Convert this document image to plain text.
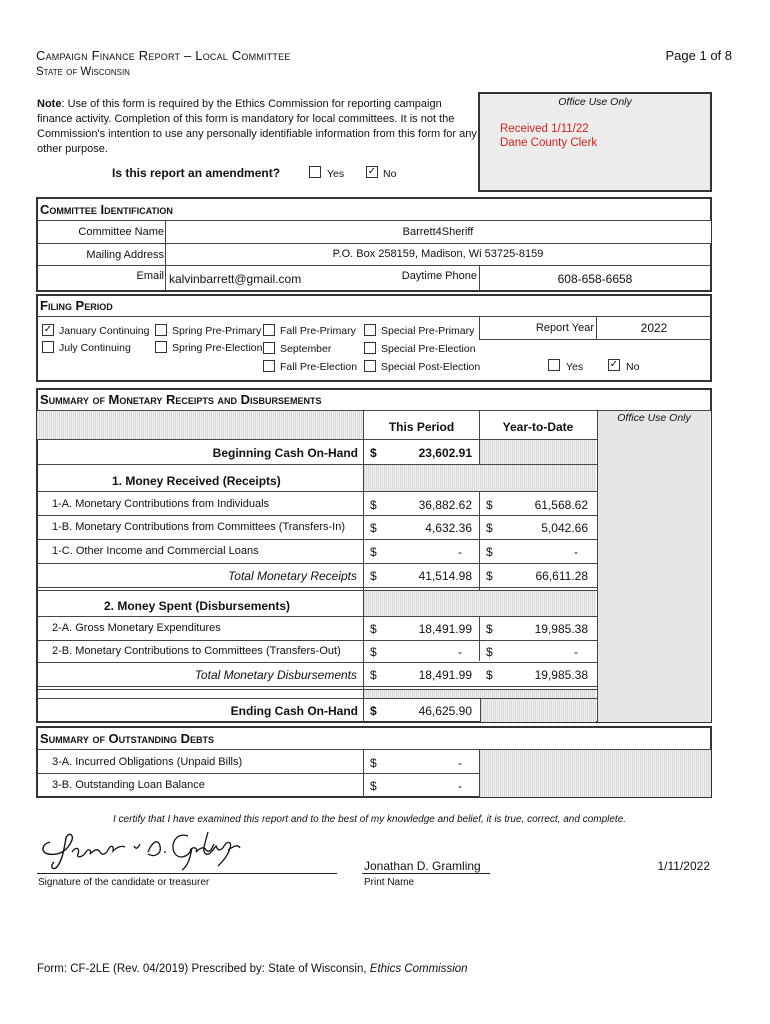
Campaign Finance Report – Local Committee
State of Wisconsin
Page 1 of 8
Note: Use of this form is required by the Ethics Commission for reporting campaign finance activity. Completion of this form is mandatory for local committees. It is not the Commission's intention to use any personally identifiable information from this form for any other purpose.
Office Use Only
Received 1/11/22
Dane County Clerk
Is this report an amendment?	Yes ✓ No
Committee Identification
Committee Name	Barrett4Sheriff
Mailing Address	P.O. Box 258159, Madison, Wi 53725-8159
Email kalvinbarrett@gmail.com	Daytime Phone	608-658-6658
Filing Period
✓ January Continuing
July Continuing
Spring Pre-Primary
Spring Pre-Election
Fall Pre-Primary
September
Fall Pre-Election
Special Pre-Primary
Special Pre-Election
Special Post-Election
Report Year	2022
Yes	✓ No
Summary of Monetary Receipts and Disbursements
Office Use Only
This Period	Year-to-Date
Beginning Cash On-Hand $	23,602.91
1. Money Received (Receipts)
1-A. Monetary Contributions from Individuals	$	36,882.62 $	61,568.62
1-B. Monetary Contributions from Committees (Transfers-In) $	4,632.36 $	5,042.66
1-C. Other Income and Commercial Loans	$	- $	-
Total Monetary Receipts $	41,514.98 $	66,611.28
2. Money Spent (Disbursements)
2-A. Gross Monetary Expenditures	$	18,491.99 $	19,985.38
2-B. Monetary Contributions to Committees (Transfers-Out) $	- $	-
Total Monetary Disbursements $	18,491.99 $	19,985.38
Ending Cash On-Hand $	46,625.90
Summary of Outstanding Debts
3-A. Incurred Obligations (Unpaid Bills)	$	-
3-B. Outstanding Loan Balance	$	-
I certify that I have examined this report and to the best of my knowledge and belief, it is true, correct, and complete.
Jonathan D. Gramling
Signature of the candidate or treasurer
Jonathan D. Gramling
Print Name
1/11/2022
Form: CF-2LE (Rev. 04/2019) Prescribed by: State of Wisconsin, Ethics Commission
